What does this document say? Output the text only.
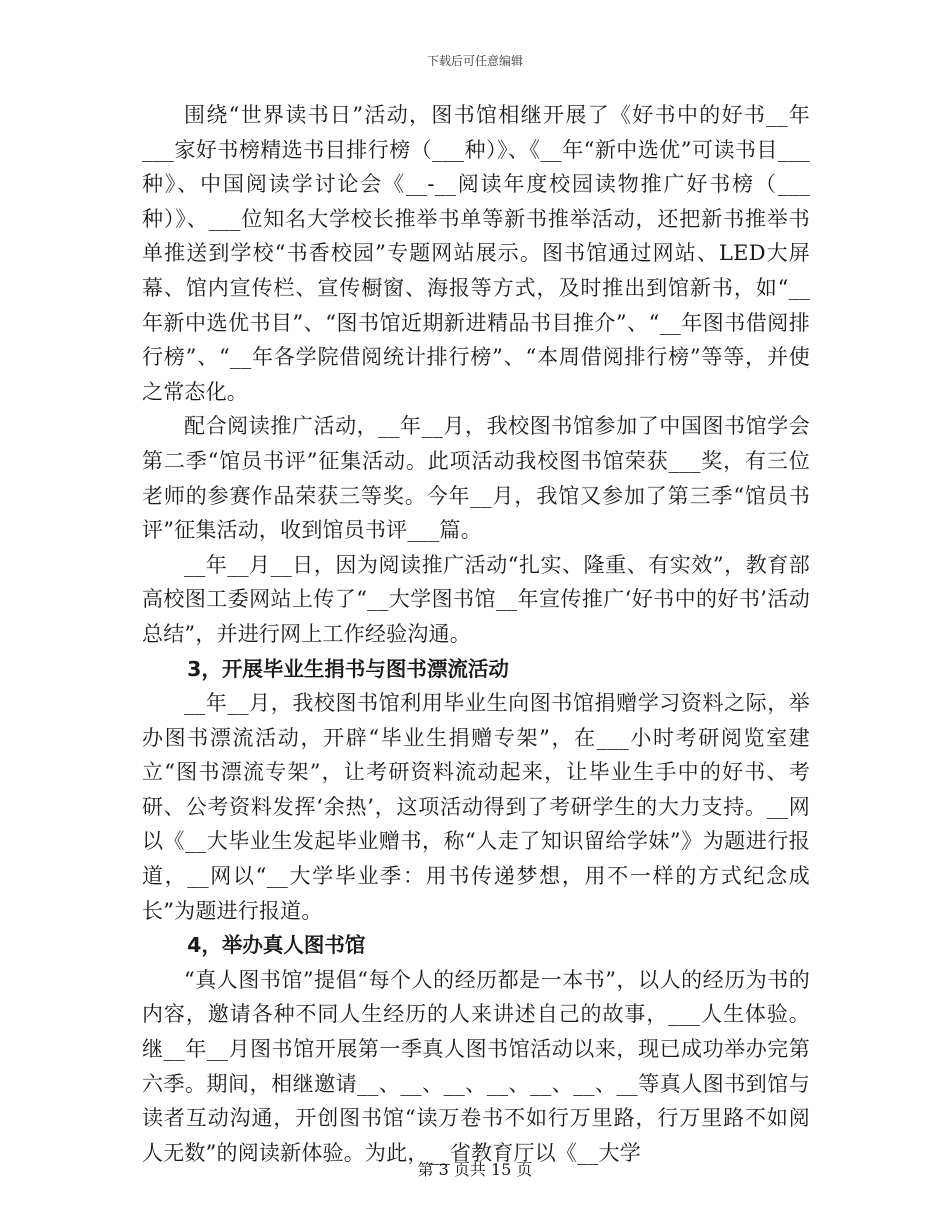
下载后可任意编辑

围绕“世界读书日”活动，图书馆相继开展了《好书中的好书__年___家好书榜精选书目排行榜（___种）》、《__年“新中选优”可读书目___种》、中国阅读学讨论会《__-__阅读年度校园读物推广好书榜（___种）》、___位知名大学校长推举书单等新书推举活动，还把新书推举书单推送到学校“书香校园”专题网站展示。图书馆通过网站、LED大屏幕、馆内宣传栏、宣传橱窗、海报等方式，及时推出到馆新书，如“__年新中选优书目”、“图书馆近期新进精品书目推介”、“__年图书借阅排行榜”、“__年各学院借阅统计排行榜”、“本周借阅排行榜”等等，并使之常态化。

配合阅读推广活动，__年__月，我校图书馆参加了中国图书馆学会第二季“馆员书评”征集活动。此项活动我校图书馆荣获___奖，有三位老师的参赛作品荣获三等奖。今年__月，我馆又参加了第三季“馆员书评”征集活动，收到馆员书评___篇。

__年__月__日，因为阅读推广活动“扎实、隆重、有实效”，教育部高校图工委网站上传了“__大学图书馆__年宣传推广‘好书中的好书’活动总结”，并进行网上工作经验沟通。

3，开展毕业生捐书与图书漂流活动

__年__月，我校图书馆利用毕业生向图书馆捐赠学习资料之际，举办图书漂流活动，开辟“毕业生捐赠专架”，在___小时考研阅览室建立“图书漂流专架”，让考研资料流动起来，让毕业生手中的好书、考研、公考资料发挥‘余热’，这项活动得到了考研学生的大力支持。__网以《__大毕业生发起毕业赠书，称“人走了知识留给学妹”》为题进行报道，__网以“__大学毕业季：用书传递梦想，用不一样的方式纪念成长”为题进行报道。

4，举办真人图书馆

“真人图书馆”提倡“每个人的经历都是一本书”，以人的经历为书的内容，邀请各种不同人生经历的人来讲述自己的故事，___人生体验。继__年__月图书馆开展第一季真人图书馆活动以来，现已成功举办完第六季。期间，相继邀请__、__、__、__、__、__、__等真人图书到馆与读者互动沟通，开创图书馆“读万卷书不如行万里路，行万里路不如阅人无数”的阅读新体验。为此，__省教育厅以《__大学

第 3 页共 15 页
